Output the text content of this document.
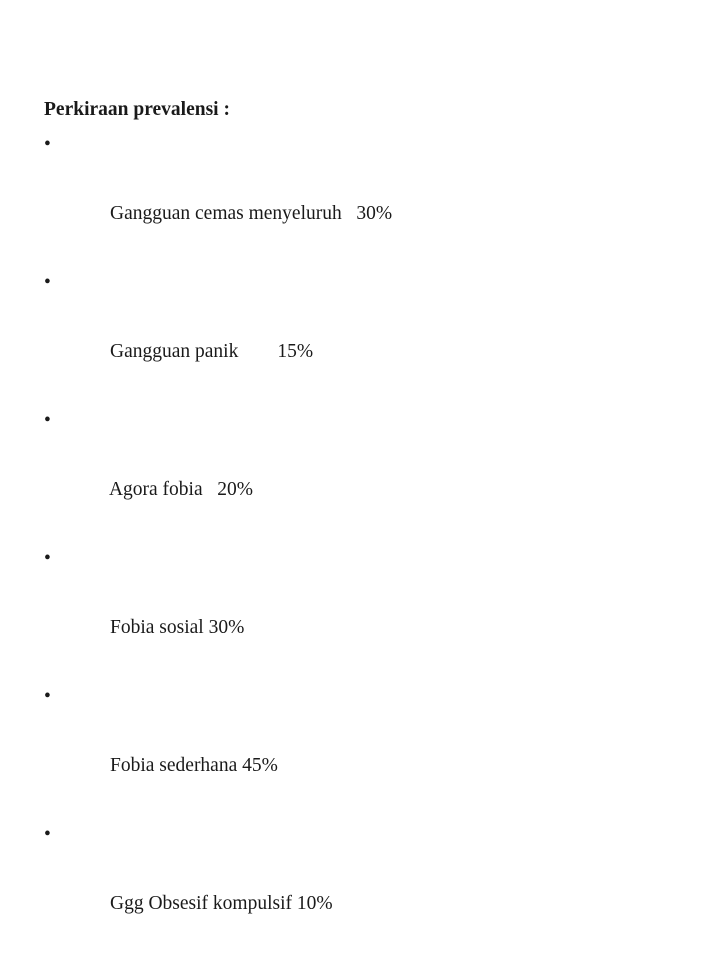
Perkiraan prevalensi :

•

Gangguan cemas menyeluruh   30%

•

Gangguan panik        15%

•

Agora fobia   20%

•

Fobia sosial 30%

•

Fobia sederhana 45%

•

Ggg Obsesif kompulsif 10%
